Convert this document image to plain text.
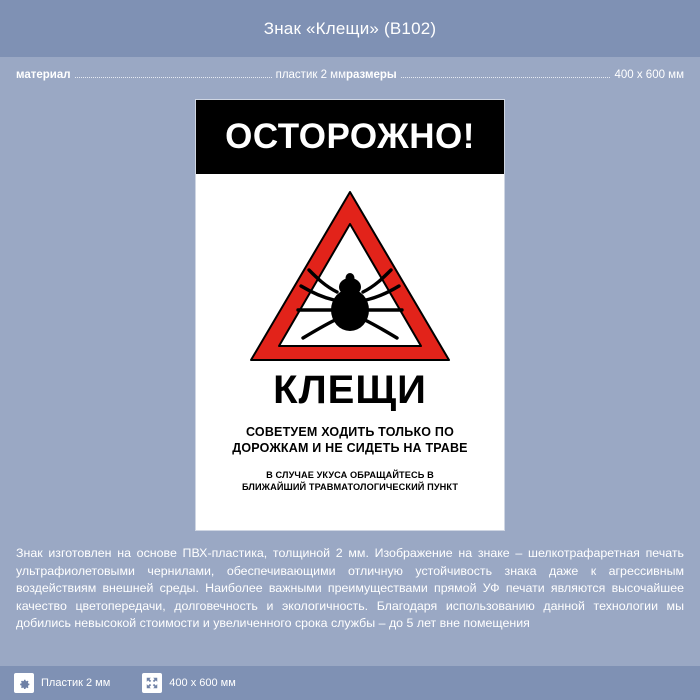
Знак «Клещи» (B102)
материал	пластик 2 мм размеры	400 х 600 мм
ОСТОРОЖНО!
КЛЕЩИ
СОВЕТУЕМ ХОДИТЬ ТОЛЬКО ПО
ДОРОЖКАМ И НЕ СИДЕТЬ НА ТРАВЕ
В СЛУЧАЕ УКУСА ОБРАЩАЙТЕСЬ В
БЛИЖАЙШИЙ ТРАВМАТОЛОГИЧЕСКИЙ ПУНКТ
Знак изготовлен на основе ПВХ-пластика, толщиной 2 мм. Изображение на знаке – шелкотрафаретная печать ультрафиолетовыми чернилами, обеспечивающими отличную устойчивость знака даже к агрессивным воздействиям внешней среды. Наиболее важными преимуществами прямой УФ печати являются высочайшее качество цветопередачи, долговечность и экологичность. Благодаря использованию данной технологии мы добились невысокой стоимости и увеличенного срока службы – до 5 лет вне помещения
Пластик 2 мм	400 х 600 мм
